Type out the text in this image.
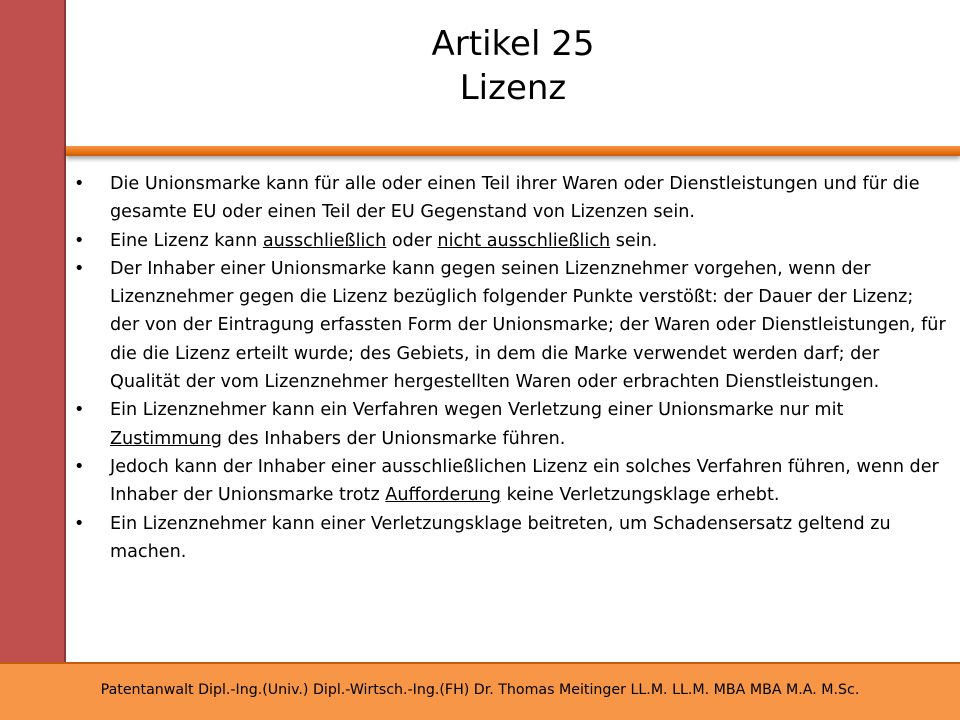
Artikel 25
Lizenz
•	Die Unionsmarke kann für alle oder einen Teil ihrer Waren oder Dienstleistungen und für die gesamte EU oder einen Teil der EU Gegenstand von Lizenzen sein.
•	Eine Lizenz kann ausschließlich oder nicht ausschließlich sein.
•	Der Inhaber einer Unionsmarke kann gegen seinen Lizenznehmer vorgehen, wenn der Lizenznehmer gegen die Lizenz bezüglich folgender Punkte verstößt: der Dauer der Lizenz; der von der Eintragung erfassten Form der Unionsmarke; der Waren oder Dienstleistungen, für die die Lizenz erteilt wurde; des Gebiets, in dem die Marke verwendet werden darf; der Qualität der vom Lizenznehmer hergestellten Waren oder erbrachten Dienstleistungen.
•	Ein Lizenznehmer kann ein Verfahren wegen Verletzung einer Unionsmarke nur mit Zustimmung des Inhabers der Unionsmarke führen.
•	Jedoch kann der Inhaber einer ausschließlichen Lizenz ein solches Verfahren führen, wenn der Inhaber der Unionsmarke trotz Aufforderung keine Verletzungsklage erhebt.
•	Ein Lizenznehmer kann einer Verletzungsklage beitreten, um Schadensersatz geltend zu machen.
Patentanwalt Dipl.-Ing.(Univ.) Dipl.-Wirtsch.-Ing.(FH) Dr. Thomas Meitinger LL.M. LL.M. MBA MBA M.A. M.Sc.
